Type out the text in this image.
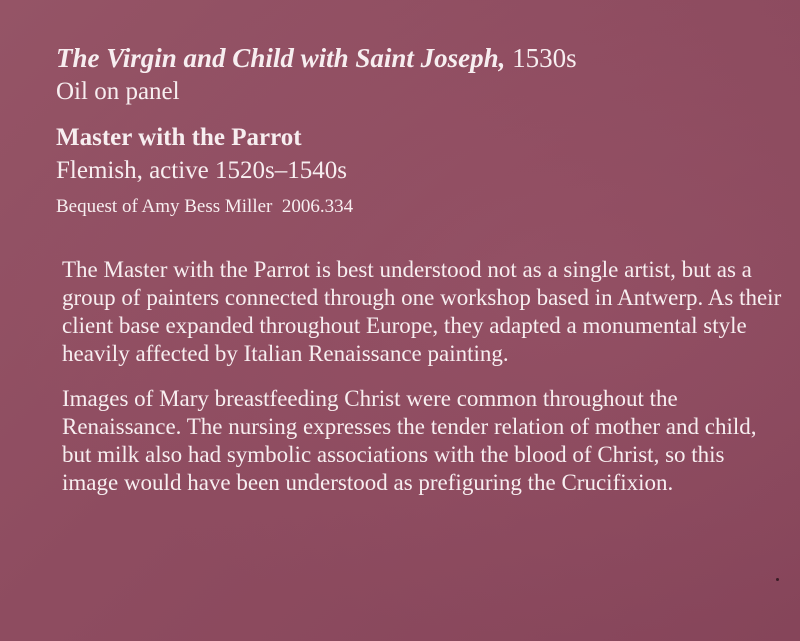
The Virgin and Child with Saint Joseph, 1530s

Oil on panel

Master with the Parrot

Flemish, active 1520s–1540s

Bequest of Amy Bess Miller  2006.334

The Master with the Parrot is best understood not as a single artist, but as a group of painters connected through one workshop based in Antwerp. As their client base expanded throughout Europe, they adapted a monumental style heavily affected by Italian Renaissance painting.

Images of Mary breastfeeding Christ were common throughout the Renaissance. The nursing expresses the tender relation of mother and child, but milk also had symbolic associations with the blood of Christ, so this image would have been understood as prefiguring the Crucifixion.
